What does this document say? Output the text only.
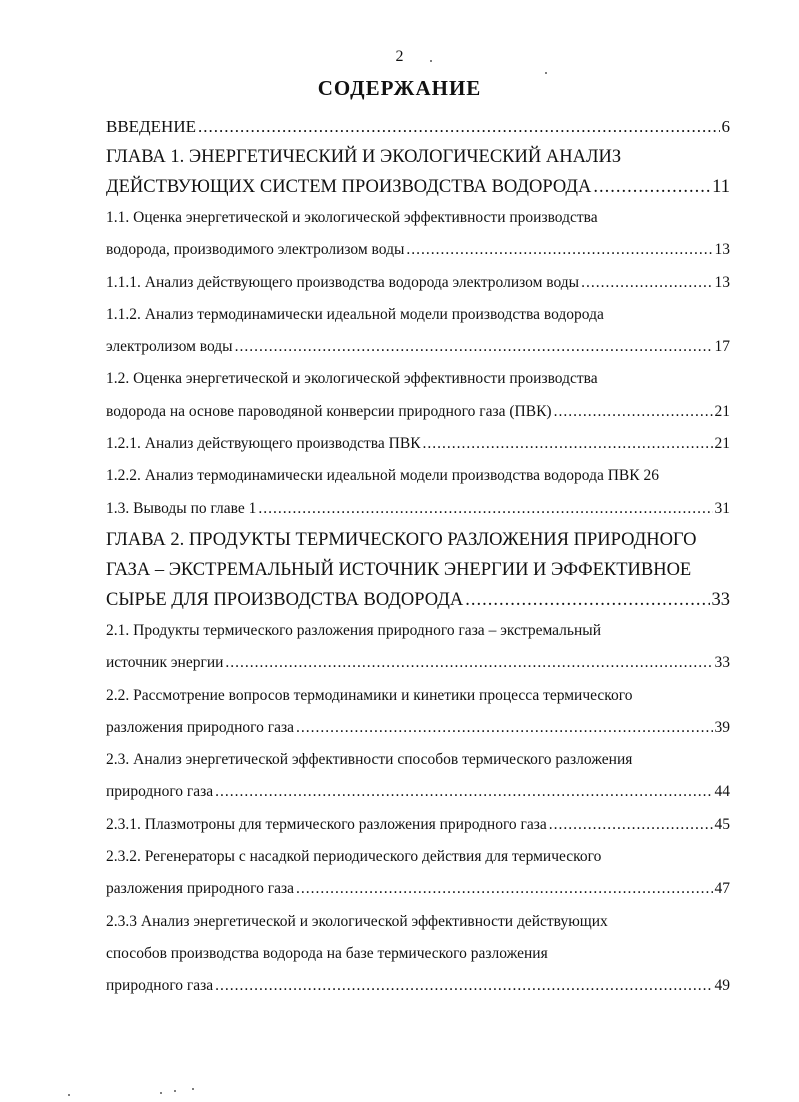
2
СОДЕРЖАНИЕ
ВВЕДЕНИЕ .....	6
ГЛАВА 1. ЭНЕРГЕТИЧЕСКИЙ И ЭКОЛОГИЧЕСКИЙ АНАЛИЗ
ДЕЙСТВУЮЩИХ СИСТЕМ ПРОИЗВОДСТВА ВОДОРОДА .....	11
1.1. Оценка энергетической и экологической эффективности производства
водорода, производимого электролизом воды .....	13
1.1.1. Анализ действующего производства водорода электролизом воды .....	13
1.1.2. Анализ термодинамически идеальной модели производства водорода
электролизом воды .....	17
1.2. Оценка энергетической и экологической эффективности производства
водорода на основе пароводяной конверсии природного газа (ПВК) .....	21
1.2.1. Анализ действующего производства ПВК .....	21
1.2.2. Анализ термодинамически идеальной модели производства водорода ПВК 26
1.3. Выводы по главе 1 .....	31
ГЛАВА 2. ПРОДУКТЫ ТЕРМИЧЕСКОГО РАЗЛОЖЕНИЯ ПРИРОДНОГО
ГАЗА – ЭКСТРЕМАЛЬНЫЙ ИСТОЧНИК ЭНЕРГИИ И ЭФФЕКТИВНОЕ
СЫРЬЕ ДЛЯ ПРОИЗВОДСТВА ВОДОРОДА .....	33
2.1. Продукты термического разложения природного газа – экстремальный
источник энергии .....	33
2.2. Рассмотрение вопросов термодинамики и кинетики процесса термического
разложения природного газа .....	39
2.3. Анализ энергетической эффективности способов термического разложения
природного газа .....	44
2.3.1. Плазмотроны для термического разложения природного газа .....	45
2.3.2. Регенераторы с насадкой периодического действия для термического
разложения природного газа .....	47
2.3.3 Анализ энергетической и экологической эффективности действующих
способов производства водорода на базе термического разложения
природного газа .....	49
